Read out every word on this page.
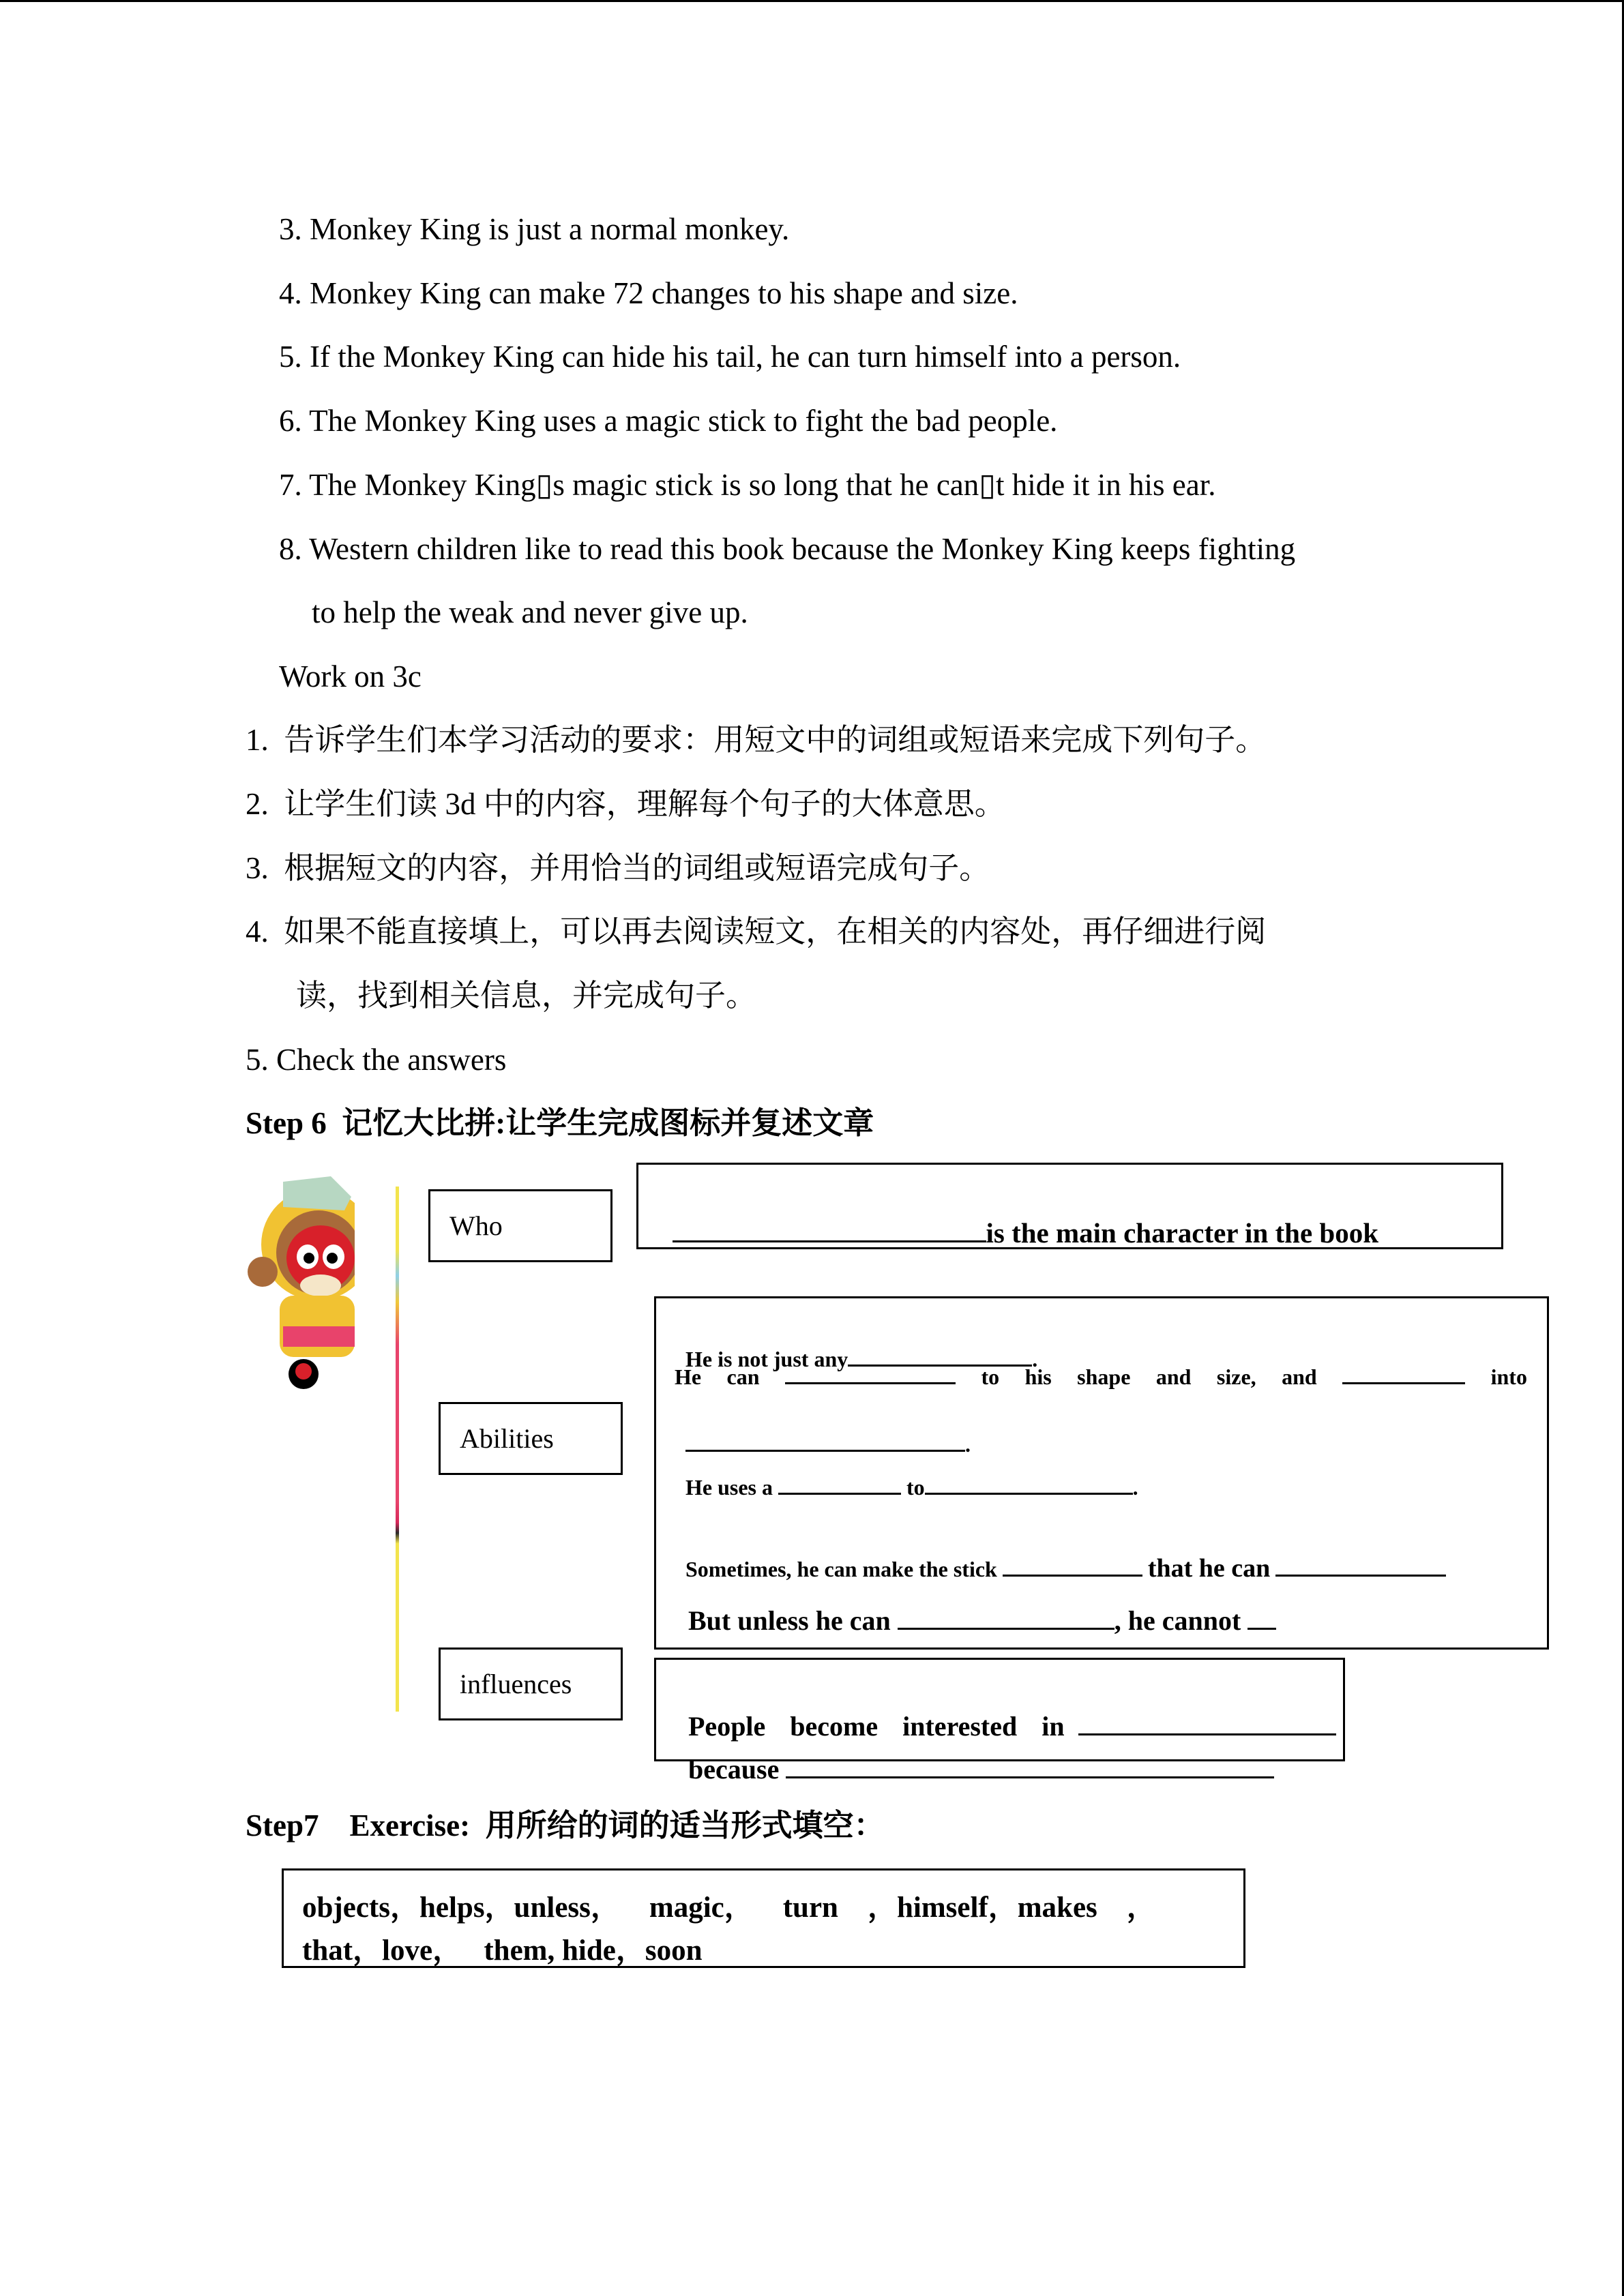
3. Monkey King is just a normal monkey.
4. Monkey King can make 72 changes to his shape and size.
5. If the Monkey King can hide his tail, he can turn himself into a person.
6. The Monkey King uses a magic stick to fight the bad people.
7. The Monkey King▯s magic stick is so long that he can▯t hide it in his ear.
8. Western children like to read this book because the Monkey King keeps fighting
to help the weak and never give up.
Work on 3c
1.  告诉学生们本学习活动的要求：用短文中的词组或短语来完成下列句子。
2.  让学生们读 3d 中的内容，理解每个句子的大体意思。
3.  根据短文的内容，并用恰当的词组或短语完成句子。
4.  如果不能直接填上，可以再去阅读短文，在相关的内容处，再仔细进行阅
读，找到相关信息，并完成句子。
5. Check the answers
Step 6  记忆大比拼:让学生完成图标并复述文章
Who	is the main character in the book

Abilities

He is not just any	.

He can	to his shape and size, and	into

.

He uses a	to	.

Sometimes, he can make the stick	that he can

But unless he can	, he cannot

influences

People  become  interested  in

because

Step7    Exercise:  用所给的词的适当形式填空：
objects，helps，unless，    magic，    turn    ，himself，makes    ，
that，love，   them, hide，soon
